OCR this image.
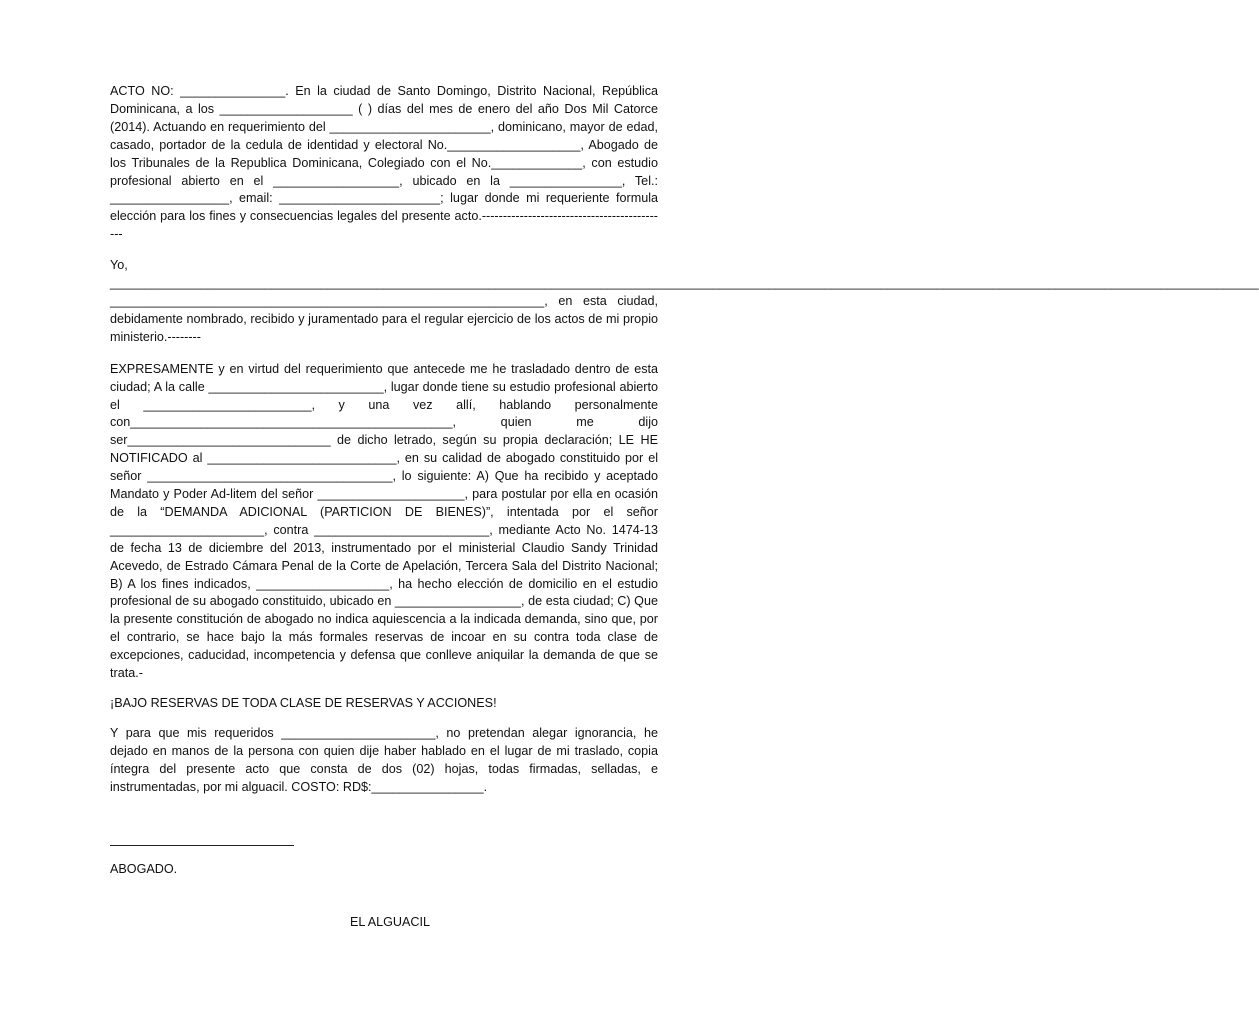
ACTO NO: _______________. En la ciudad de Santo Domingo, Distrito Nacional, República Dominicana, a los ___________________ ( ) días del mes de enero del año Dos Mil Catorce (2014). Actuando en requerimiento del _______________________, dominicano, mayor de edad, casado, portador de la cedula de identidad y electoral No.___________________, Abogado de los Tribunales de la Republica Dominicana, Colegiado con el No._____________, con estudio profesional abierto en el __________________, ubicado en la ________________, Tel.: _________________, email: _______________________; lugar donde mi requeriente formula elección para los fines y consecuencias legales del presente acto.---------------------------------------------

Yo, ____________________________________________________________________________________________________________________________________________________________________ ______________________________________________________________, en esta ciudad, debidamente nombrado, recibido y juramentado para el regular ejercicio de los actos de mi propio ministerio.--------

EXPRESAMENTE y en virtud del requerimiento que antecede me he trasladado dentro de esta ciudad; A la calle _________________________, lugar donde tiene su estudio profesional abierto el ________________________, y una vez allí, hablando personalmente con______________________________________________, quien me dijo ser_____________________________ de dicho letrado, según su propia declaración; LE HE NOTIFICADO al ___________________________, en su calidad de abogado constituido por el señor ___________________________________, lo siguiente: A) Que ha recibido y aceptado Mandato y Poder Ad-litem del señor _____________________, para postular por ella en ocasión de la “DEMANDA ADICIONAL (PARTICION DE BIENES)”, intentada por el señor ______________________, contra _________________________, mediante Acto No. 1474-13 de fecha 13 de diciembre del 2013, instrumentado por el ministerial Claudio Sandy Trinidad Acevedo, de Estrado Cámara Penal de la Corte de Apelación, Tercera Sala del Distrito Nacional; B) A los fines indicados, ___________________, ha hecho elección de domicilio en el estudio profesional de su abogado constituido, ubicado en __________________, de esta ciudad; C) Que la presente constitución de abogado no indica aquiescencia a la indicada demanda, sino que, por el contrario, se hace bajo la más formales reservas de incoar en su contra toda clase de excepciones, caducidad, incompetencia y defensa que conlleve aniquilar la demanda de que se trata.-

¡BAJO RESERVAS DE TODA CLASE DE RESERVAS Y ACCIONES!

Y para que mis requeridos ______________________, no pretendan alegar ignorancia, he dejado en manos de la persona con quien dije haber hablado en el lugar de mi traslado, copia íntegra del presente acto que consta de dos (02) hojas, todas firmadas, selladas, e instrumentadas, por mi alguacil. COSTO: RD$:________________.

ABOGADO.
EL ALGUACIL
